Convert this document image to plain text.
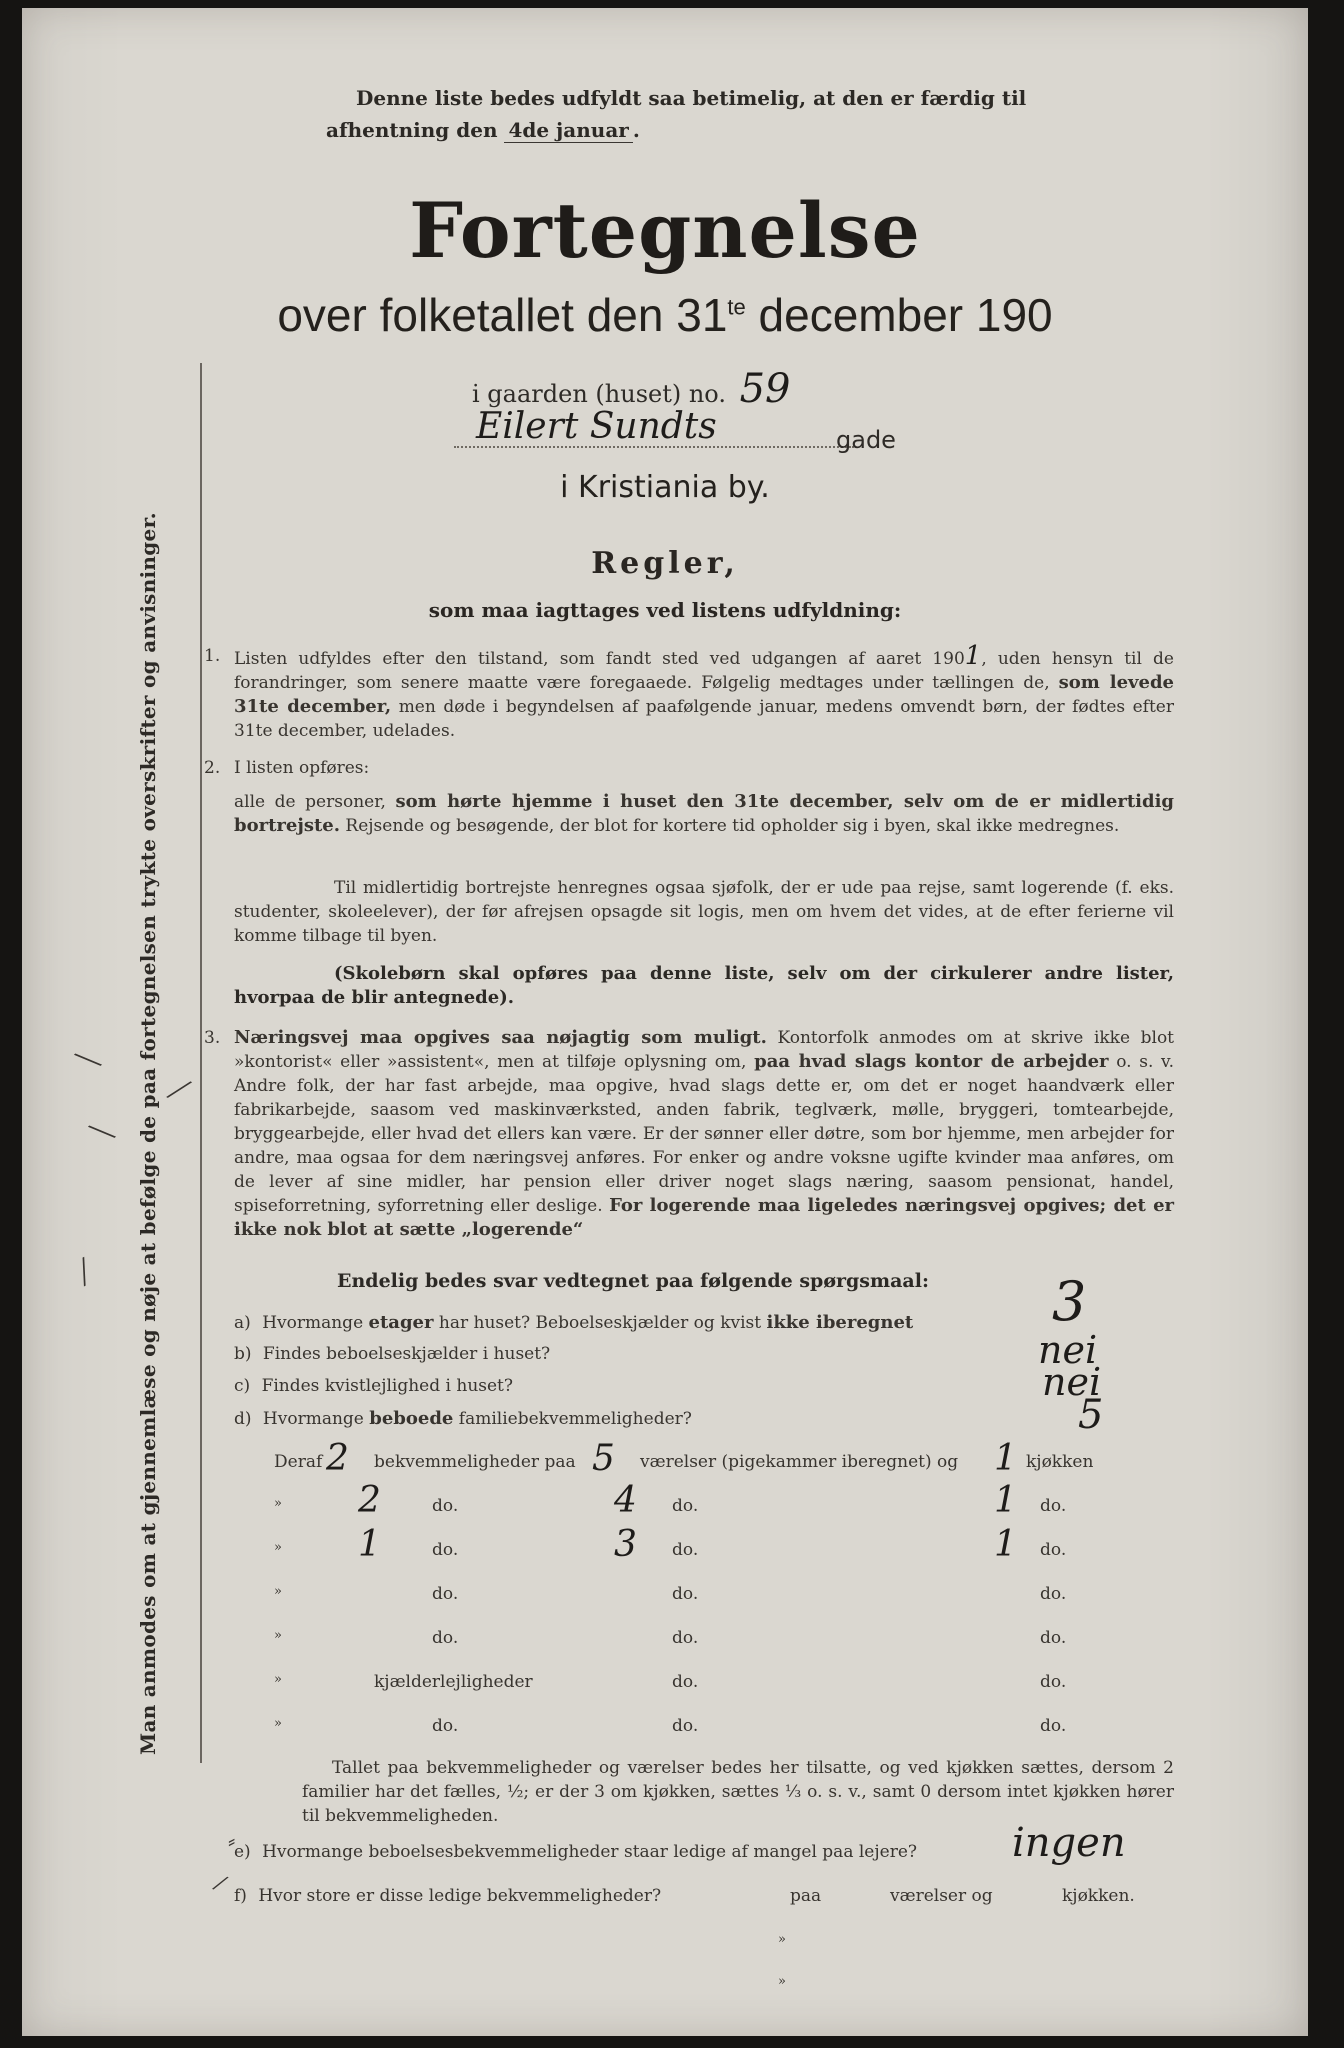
Denne liste bedes udfyldt saa betimelig, at den er færdig til
afhentning den 4de januar .
Fortegnelse
over folketallet den $31^{te}$ december 190
i gaarden (huset) no. 59
Eilert Sundts	gade
i Kristiania by.
Regler,
som maa iagttages ved listens udfyldning:
1. Listen udfyldes efter den tilstand, som fandt sted ved udgangen af aaret 1901, uden hensyn til de forandringer, som senere maatte være foregaaede. Følgelig medtages under tællingen de, som levede 31te december, men døde i begyndelsen af paafølgende januar, medens omvendt børn, der fødtes efter 31te december, udelades.
2. I listen opføres:
alle de personer, som hørte hjemme i huset den 31te december, selv om de er midlertidig bortrejste. Rejsende og besøgende, der blot for kortere tid opholder sig i byen, skal ikke medregnes.
Til midlertidig bortrejste henregnes ogsaa sjøfolk, der er ude paa rejse, samt logerende (f. eks. studenter, skoleelever), der før afrejsen opsagde sit logis, men om hvem det vides, at de efter ferierne vil komme tilbage til byen.
(Skolebørn skal opføres paa denne liste, selv om der cirkulerer andre lister, hvorpaa de blir antegnede).
3. Næringsvej maa opgives saa nøjagtig som muligt. Kontorfolk anmodes om at skrive ikke blot »kontorist« eller »assistent«, men at tilføje oplysning om, paa hvad slags kontor de arbejder o. s. v. Andre folk, der har fast arbejde, maa opgive, hvad slags dette er, om det er noget haandværk eller fabrikarbejde, saasom ved maskinværksted, anden fabrik, teglværk, mølle, bryggeri, tomtearbejde, bryggearbejde, eller hvad det ellers kan være. Er der sønner eller døtre, som bor hjemme, men arbejder for andre, maa ogsaa for dem næringsvej anføres. For enker og andre voksne ugifte kvinder maa anføres, om de lever af sine midler, har pension eller driver noget slags næring, saasom pensionat, handel, spiseforretning, syforretning eller deslige. For logerende maa ligeledes næringsvej opgives; det er ikke nok blot at sætte „logerende“
Endelig bedes svar vedtegnet paa følgende spørgsmaal:
a) Hvormange etager har huset? Beboelseskjælder og kvist ikke iberegnet	3
b) Findes beboelseskjælder i huset?	nei
c) Findes kvistlejlighed i huset?	nei
d) Hvormange beboede familiebekvemmeligheder?	5
Deraf 2 bekvemmeligheder paa 5 værelser (pigekammer iberegnet) og 1 kjøkken
» 2	do.	4 do.	1 do.
» 1	do.	3 do.	1 do.
»	do.	do.	do.
»	do.	do.	do.
»	kjælderlejligheder	do.	do.
»	do.	do.	do.
Tallet paa bekvemmeligheder og værelser bedes her tilsatte, og ved kjøkken sættes, dersom 2 familier har det fælles, ½; er der 3 om kjøkken, sættes ⅓ o. s. v., samt 0 dersom intet kjøkken hører til bekvemmeligheden.
e) Hvormange beboelsesbekvemmeligheder staar ledige af mangel paa lejere? ingen
f) Hvor store er disse ledige bekvemmeligheder?	paa	værelser og	kjøkken.
»
»
╲
╲
╱
╱
⁄
⸗
Man anmodes om at gjennemlæse og nøje at befølge de paa fortegnelsen trykte overskrifter og anvisninger.
